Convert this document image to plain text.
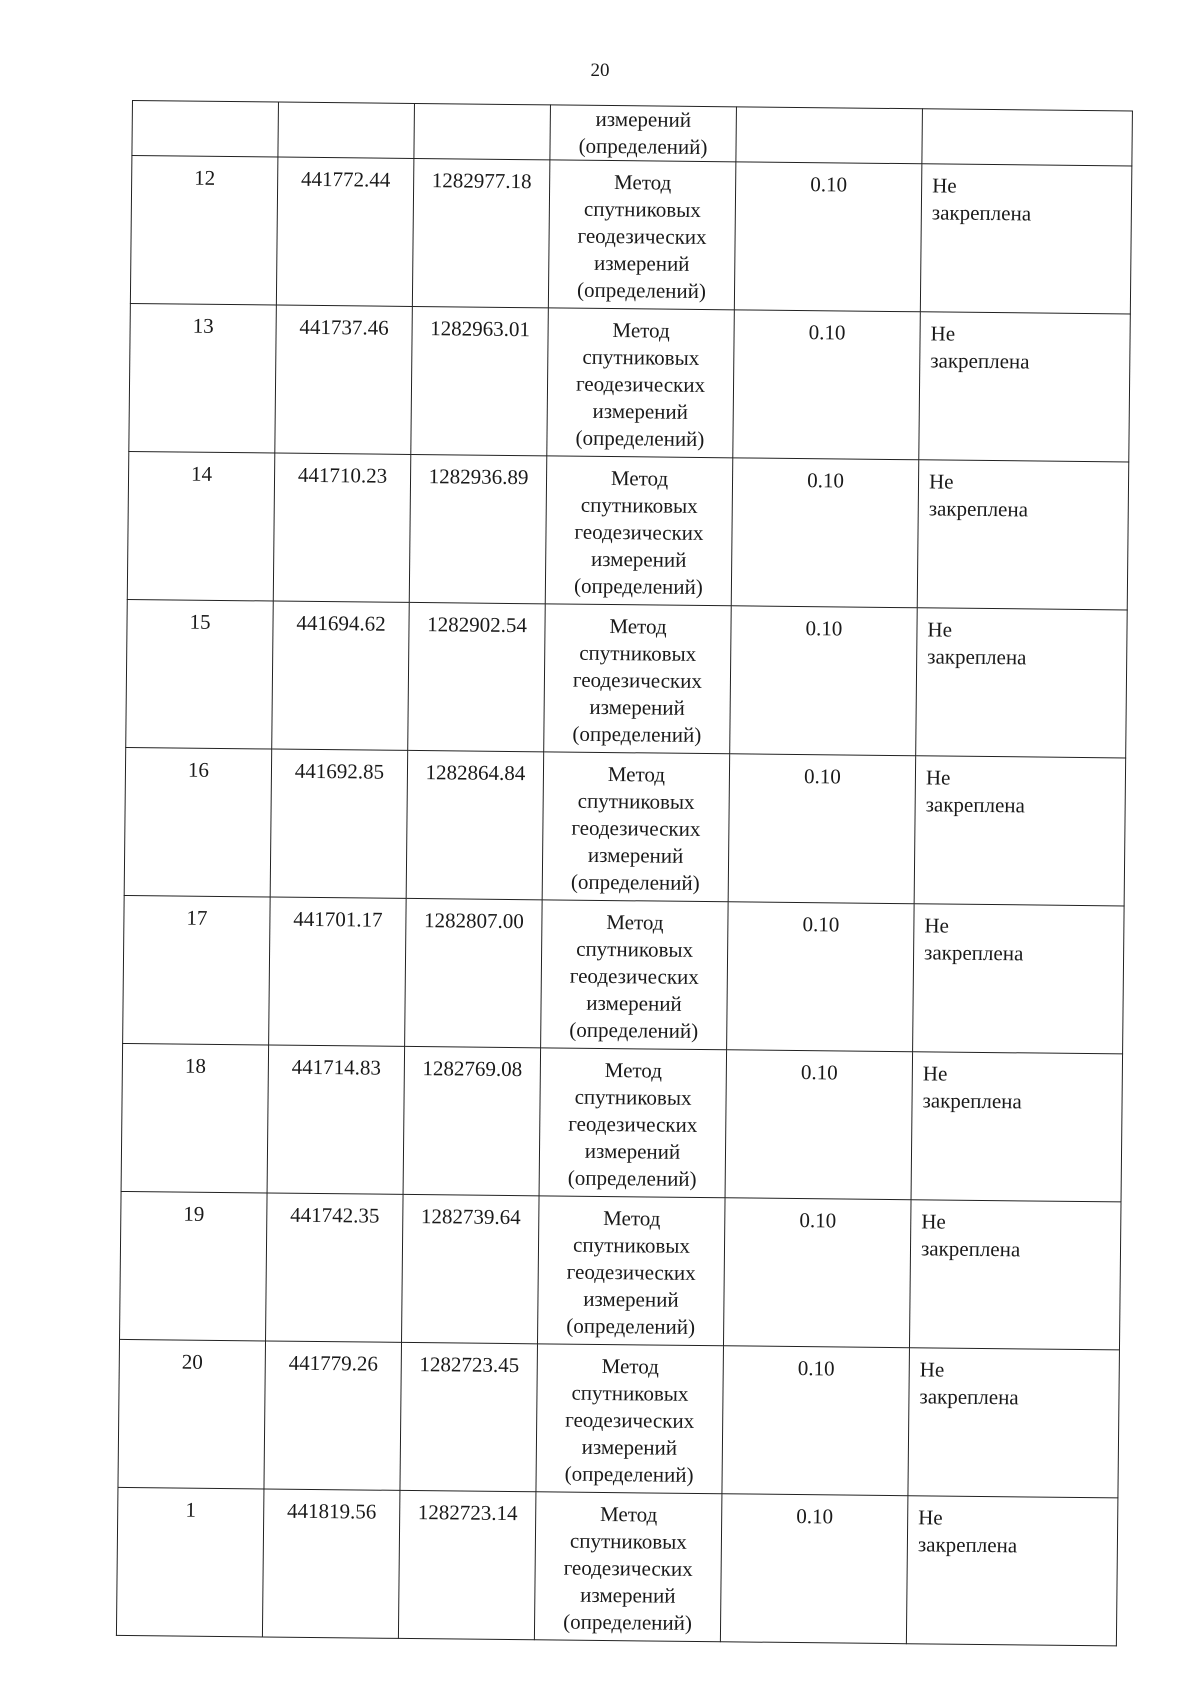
20

			измерений
(определений)		

12	441772.44	1282977.18	Метод
спутниковых
геодезических
измерений
(определений)	0.10	Не
закреплена

13	441737.46	1282963.01	Метод
спутниковых
геодезических
измерений
(определений)	0.10	Не
закреплена

14	441710.23	1282936.89	Метод
спутниковых
геодезических
измерений
(определений)	0.10	Не
закреплена

15	441694.62	1282902.54	Метод
спутниковых
геодезических
измерений
(определений)	0.10	Не
закреплена

16	441692.85	1282864.84	Метод
спутниковых
геодезических
измерений
(определений)	0.10	Не
закреплена

17	441701.17	1282807.00	Метод
спутниковых
геодезических
измерений
(определений)	0.10	Не
закреплена

18	441714.83	1282769.08	Метод
спутниковых
геодезических
измерений
(определений)	0.10	Не
закреплена

19	441742.35	1282739.64	Метод
спутниковых
геодезических
измерений
(определений)	0.10	Не
закреплена

20	441779.26	1282723.45	Метод
спутниковых
геодезических
измерений
(определений)	0.10	Не
закреплена

1	441819.56	1282723.14	Метод
спутниковых
геодезических
измерений
(определений)	0.10	Не
закреплена
